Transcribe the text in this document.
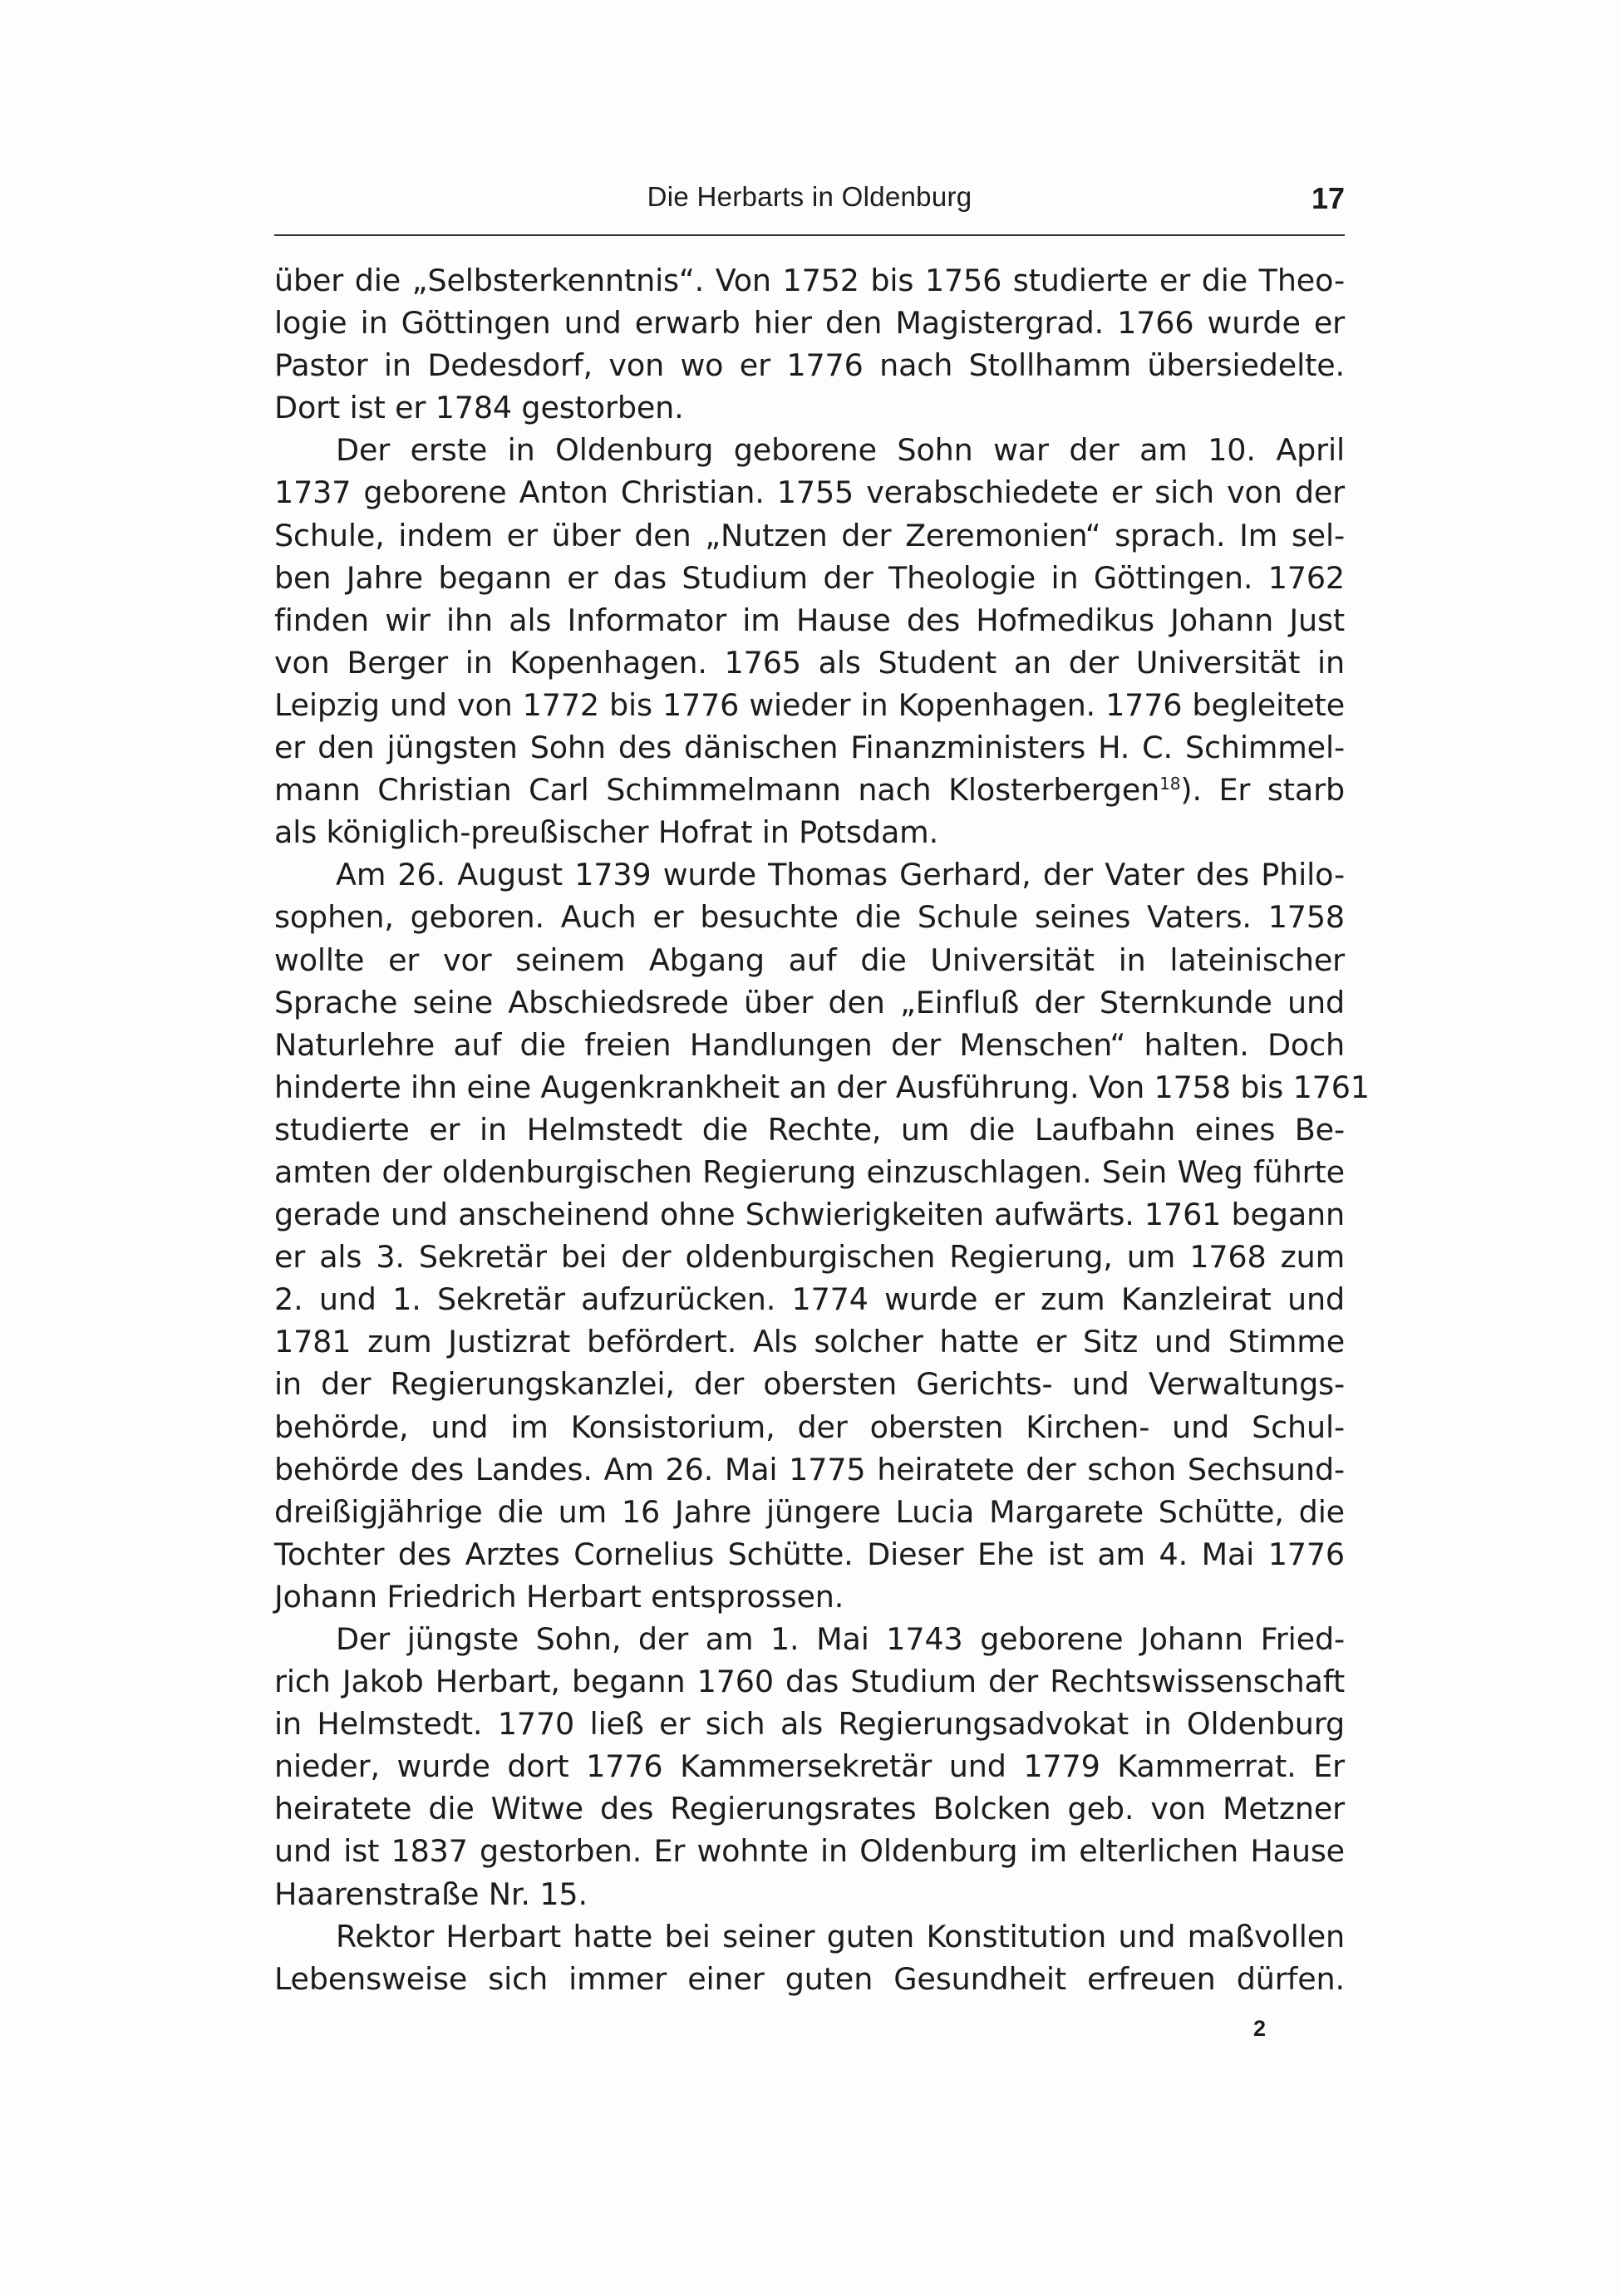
Die Herbarts in Oldenburg	17
über die „Selbsterkenntnis“. Von 1752 bis 1756 studierte er die Theo-
logie in Göttingen und erwarb hier den Magistergrad. 1766 wurde er
Pastor in Dedesdorf, von wo er 1776 nach Stollhamm übersiedelte.
Dort ist er 1784 gestorben.
Der erste in Oldenburg geborene Sohn war der am 10. April
1737 geborene Anton Christian. 1755 verabschiedete er sich von der
Schule, indem er über den „Nutzen der Zeremonien“ sprach. Im sel-
ben Jahre begann er das Studium der Theologie in Göttingen. 1762
finden wir ihn als Informator im Hause des Hofmedikus Johann Just
von Berger in Kopenhagen. 1765 als Student an der Universität in
Leipzig und von 1772 bis 1776 wieder in Kopenhagen. 1776 begleitete
er den jüngsten Sohn des dänischen Finanzministers H. C. Schimmel-
mann Christian Carl Schimmelmann nach Klosterbergen$^{18}$). Er starb
als königlich-preußischer Hofrat in Potsdam.
Am 26. August 1739 wurde Thomas Gerhard, der Vater des Philo-
sophen, geboren. Auch er besuchte die Schule seines Vaters. 1758
wollte er vor seinem Abgang auf die Universität in lateinischer
Sprache seine Abschiedsrede über den „Einfluß der Sternkunde und
Naturlehre auf die freien Handlungen der Menschen“ halten. Doch
hinderte ihn eine Augenkrankheit an der Ausführung. Von 1758 bis 1761
studierte er in Helmstedt die Rechte, um die Laufbahn eines Be-
amten der oldenburgischen Regierung einzuschlagen. Sein Weg führte
gerade und anscheinend ohne Schwierigkeiten aufwärts. 1761 begann
er als 3. Sekretär bei der oldenburgischen Regierung, um 1768 zum
2. und 1. Sekretär aufzurücken. 1774 wurde er zum Kanzleirat und
1781 zum Justizrat befördert. Als solcher hatte er Sitz und Stimme
in der Regierungskanzlei, der obersten Gerichts- und Verwaltungs-
behörde, und im Konsistorium, der obersten Kirchen- und Schul-
behörde des Landes. Am 26. Mai 1775 heiratete der schon Sechsund-
dreißigjährige die um 16 Jahre jüngere Lucia Margarete Schütte, die
Tochter des Arztes Cornelius Schütte. Dieser Ehe ist am 4. Mai 1776
Johann Friedrich Herbart entsprossen.
Der jüngste Sohn, der am 1. Mai 1743 geborene Johann Fried-
rich Jakob Herbart, begann 1760 das Studium der Rechtswissenschaft
in Helmstedt. 1770 ließ er sich als Regierungsadvokat in Oldenburg
nieder, wurde dort 1776 Kammersekretär und 1779 Kammerrat. Er
heiratete die Witwe des Regierungsrates Bolcken geb. von Metzner
und ist 1837 gestorben. Er wohnte in Oldenburg im elterlichen Hause
Haarenstraße Nr. 15.
Rektor Herbart hatte bei seiner guten Konstitution und maßvollen
Lebensweise sich immer einer guten Gesundheit erfreuen dürfen.
2
